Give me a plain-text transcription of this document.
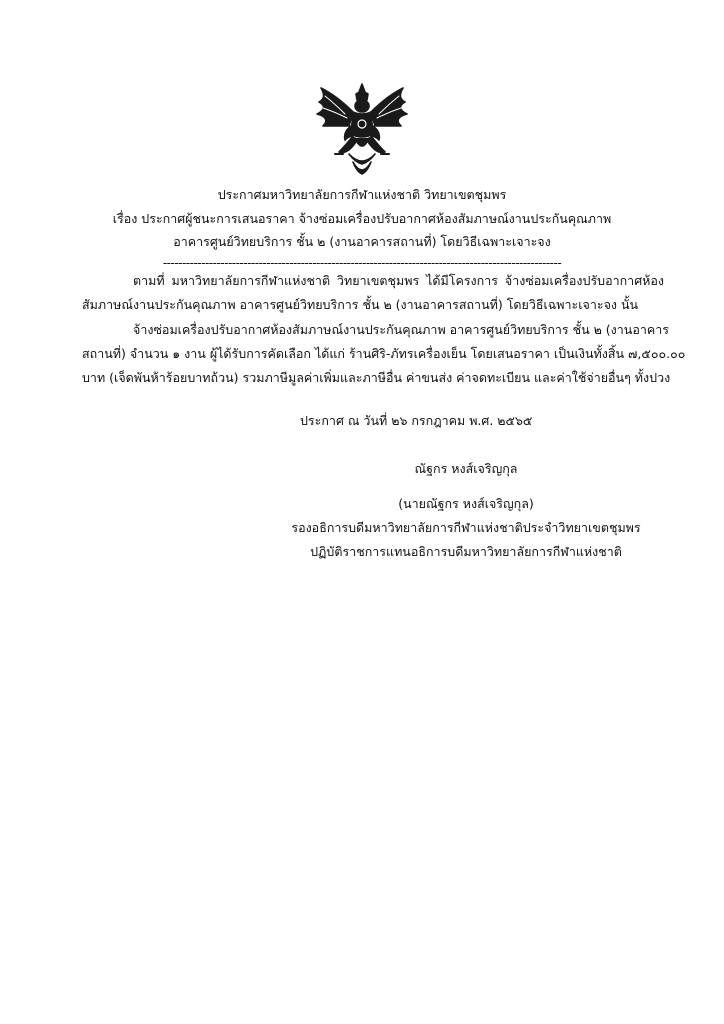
ประกาศมหาวิทยาลัยการกีฬาแห่งชาติ วิทยาเขตชุมพร
เรื่อง ประกาศผู้ชนะการเสนอราคา จ้างซ่อมเครื่องปรับอากาศห้องสัมภาษณ์งานประกันคุณภาพ
อาคารศูนย์วิทยบริการ ชั้น ๒ (งานอาคารสถานที่) โดยวิธีเฉพาะเจาะจง
--------------------------------------------------------------------------------------------------------
ตามที่ มหาวิทยาลัยการกีฬาแห่งชาติ วิทยาเขตชุมพร ได้มีโครงการ จ้างซ่อมเครื่องปรับอากาศห้อง
สัมภาษณ์งานประกันคุณภาพ อาคารศูนย์วิทยบริการ ชั้น ๒ (งานอาคารสถานที่) โดยวิธีเฉพาะเจาะจง นั้น
จ้างซ่อมเครื่องปรับอากาศห้องสัมภาษณ์งานประกันคุณภาพ อาคารศูนย์วิทยบริการ ชั้น ๒ (งานอาคาร
สถานที่) จำนวน ๑ งาน ผู้ได้รับการคัดเลือก ได้แก่ ร้านศิริ-ภัทรเครื่องเย็น โดยเสนอราคา เป็นเงินทั้งสิ้น ๗,๕๐๐.๐๐
บาท (เจ็ดพันห้าร้อยบาทถ้วน) รวมภาษีมูลค่าเพิ่มและภาษีอื่น ค่าขนส่ง ค่าจดทะเบียน และค่าใช้จ่ายอื่นๆ ทั้งปวง
ประกาศ ณ วันที่ ๒๖ กรกฎาคม พ.ศ. ๒๕๖๕
ณัฐกร หงส์เจริญกุล
(นายณัฐกร หงส์เจริญกุล)
รองอธิการบดีมหาวิทยาลัยการกีฬาแห่งชาติประจำวิทยาเขตชุมพร
ปฏิบัติราชการแทนอธิการบดีมหาวิทยาลัยการกีฬาแห่งชาติ
